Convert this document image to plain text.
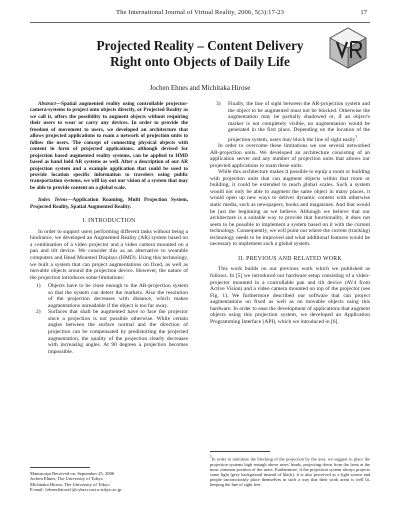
The International Journal of Virtual Reality, 2006, 5(3):17-23	17
Projected Reality – Content Delivery
Right onto Objects of Daily Life
Jochen Ehnes and Michitaka Hirose

Abstract—Spatial augmented reality using controllable projector-camera-systems to project onto objects directly, or Projected Reality as we call it, offers the possibility to augment objects without requiring their users to wear or carry any devices. In order to provide the freedom of movement to users, we developed an architecture that allows projected applications to roam a network of projection units to follow the users. The concept of connecting physical objects with content in form of projected applications, although devised for projection based augmented reality systems, can be applied to HMD based as hand held AR systems as well. After a description of our AR projection system and a example application that could be used to provide location specific information to travelers using public transportation systems, we will lay out our vision of a system that may be able to provide content on a global scale.

Index Terms—Application Roaming, Multi Projection System, Projected Reality, Spatial Augmented Reality.

I. INTRODUCTION

In order to support users performing different tasks without being a hindrance, we developed an Augmented Reality (AR) system based on a combination of a video projector and a video camera mounted on a pan and tilt device. We consider this as an alternative to wearable computers and Head Mounted Displays (HMD). Using this technology, we built a system that can project augmentations on fixed, as well as movable objects around the projection device. However, the nature of the projection introduces some limitations:

1) Objects have to be close enough to the AR-projection system so that the system can detect the markers. Also the resolution of the projection decreases with distance, which makes augmentations unreadable if the object is too far away.

2) Surfaces that shall be augmented have to face the projector since a projection is not possible otherwise. While certain angles between the surface normal and the direction of projection can be compensated by predistorting the projected augmentation, the quality of the projection clearly decreases with increasing angles. At 90 degrees a projection becomes impossible.

3) Finally, the line of sight between the AR-projection system and the object to be augmented must not be blocked. Otherwise the augmentation may be partially shadowed or, if an object's marker is not completely visible, no augmentation would be generated in the first place. Depending on the location of the projection system, users may block the line of sight easily$^1$.

In order to overcome these limitations we use several networked AR-projection units. We developed an architecture consisting of an application server and any number of projection units that allows our projected applications to roam these units.

While this architecture makes it possible to equip a room or building with projection units that can augment objects within that room or building, it could be extended to reach global scales. Such a system would not only be able to augment the same object in many places, it would open up new ways to deliver dynamic content with otherwise static media, such as newspapers, books and magazines. And that would be just the beginning as we believe. Although we believe that our architecture is a suitable way to provide that functionality, it does not seem to be possible to implement a system based on it with the current technology. Consequently, we will point out where the current (tracking) technology needs to be improved and what additional features would be necessary to implement such a global system.

II. PREVIOUS AND RELATED WORK

This work builds on our previous work which we published as follows. In [5] we introduced our hardware setup consisting of a video-projector mounted in a controllable pan and tilt device (AV4 from Active Vision) and a video camera mounted on top of the projector (see Fig. 1). We furthermore described our software that can project augmentations on fixed as well as on movable objects using this hardware. In order to ease the development of applications that augment objects using this projection system, we developed an Application Programming Interface (API), which we introduced in [6].

Manuscript Received on: September 25, 2006
Jochen Ehnes, The University of Tokyo
Michitaka Hirose, The University of Tokyo
E-mail: {ehnes|hirose}@cyber.rcast.u-tokyo.ac.jp
$^1$In order to minimize the blocking of the projection by the user, we suggest to place the projection systems high enough above users' heads, projecting down from the front at the most common position of the users. Furthermore, if the projection system always projects some light (grey background instead of black), it is also perceived as a light source and people unconsciously place themselves in such a way that their work areas is well lit, keeping the line of sight free.
